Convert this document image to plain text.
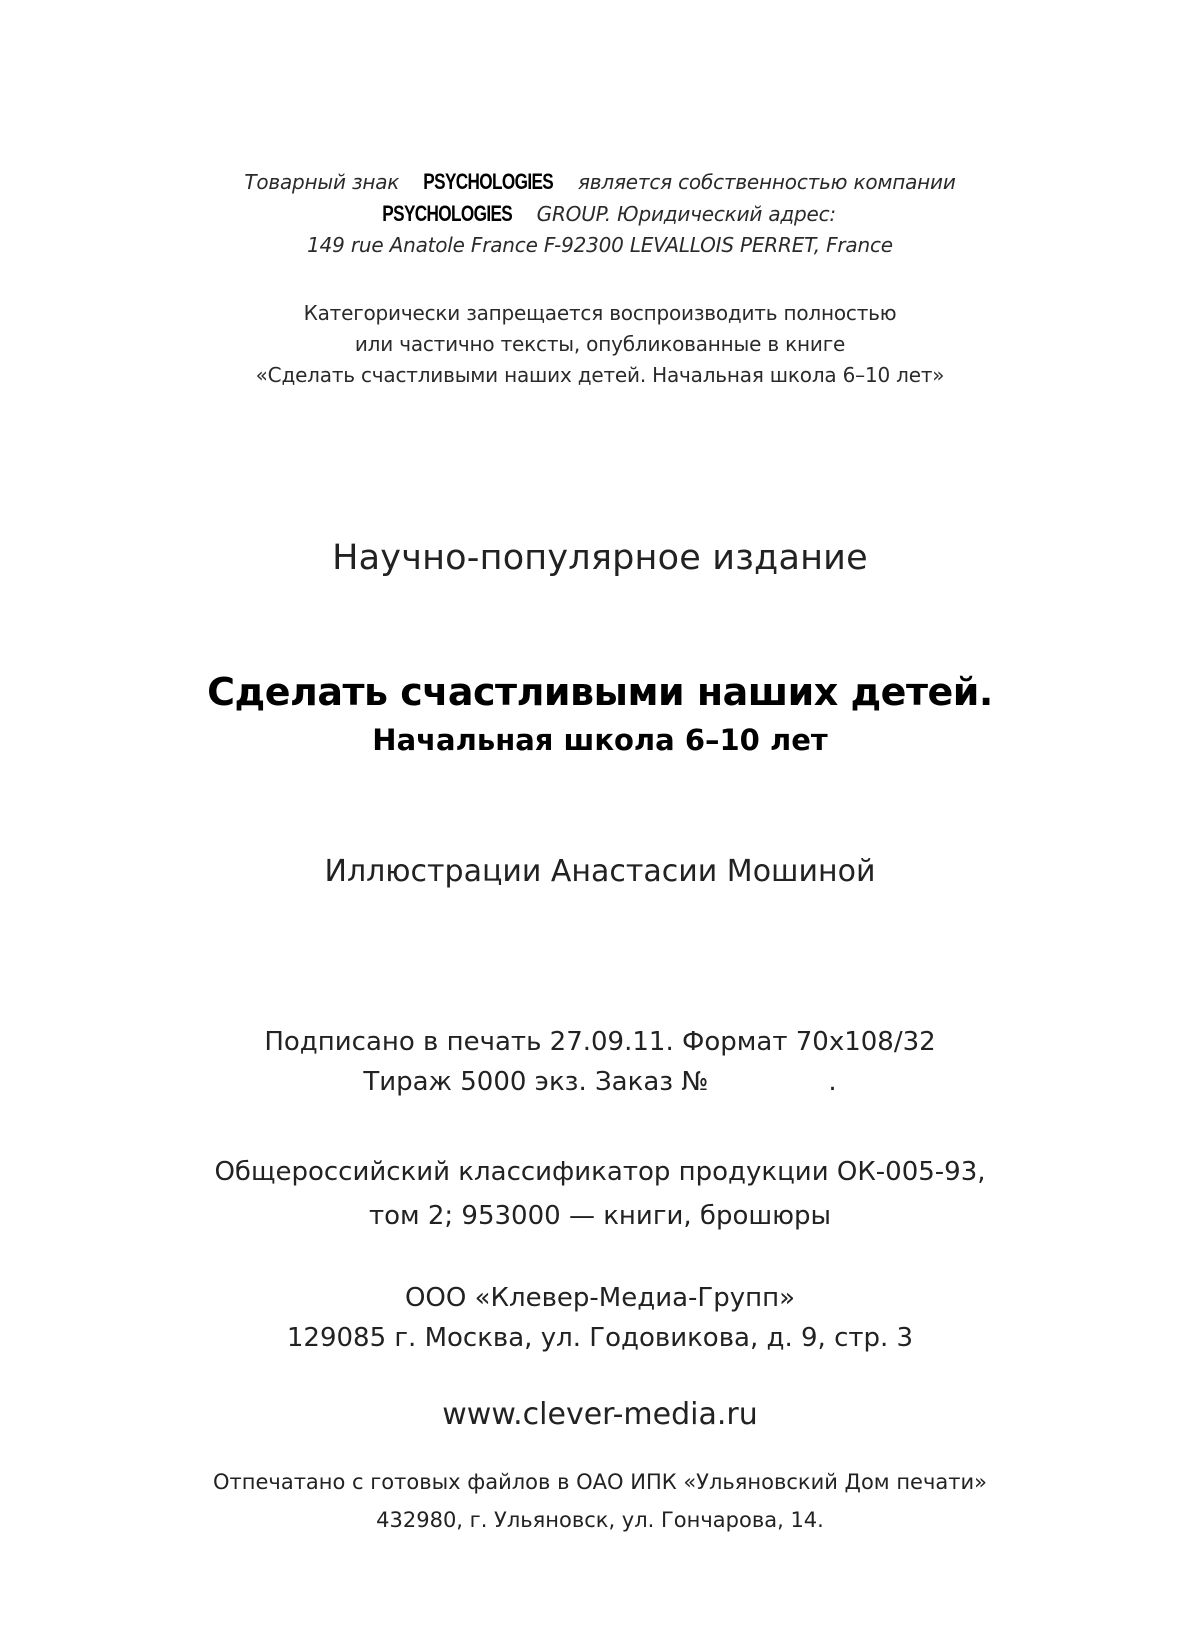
Товарный знак PSYCHOLOGIES является собственностью компании
PSYCHOLOGIES GROUP. Юридический адрес:
149 rue Anatole France F-92300 LEVALLOIS PERRET, France
Категорически запрещается воспроизводить полностью
или частично тексты, опубликованные в книге
«Сделать счастливыми наших детей. Начальная школа 6–10 лет»
Научно-популярное издание
Сделать счастливыми наших детей.
Начальная школа 6–10 лет
Иллюстрации Анастасии Мошиной
Подписано в печать 27.09.11. Формат 70x108/32
Тираж 5000 экз. Заказ №	.
Общероссийский классификатор продукции ОК-005-93,
том 2; 953000 — книги, брошюры
ООО «Клевер-Медиа-Групп»
129085 г. Москва, ул. Годовикова, д. 9, стр. 3
www.clever-media.ru
Отпечатано с готовых файлов в ОАО ИПК «Ульяновский Дом печати»
432980, г. Ульяновск, ул. Гончарова, 14.
